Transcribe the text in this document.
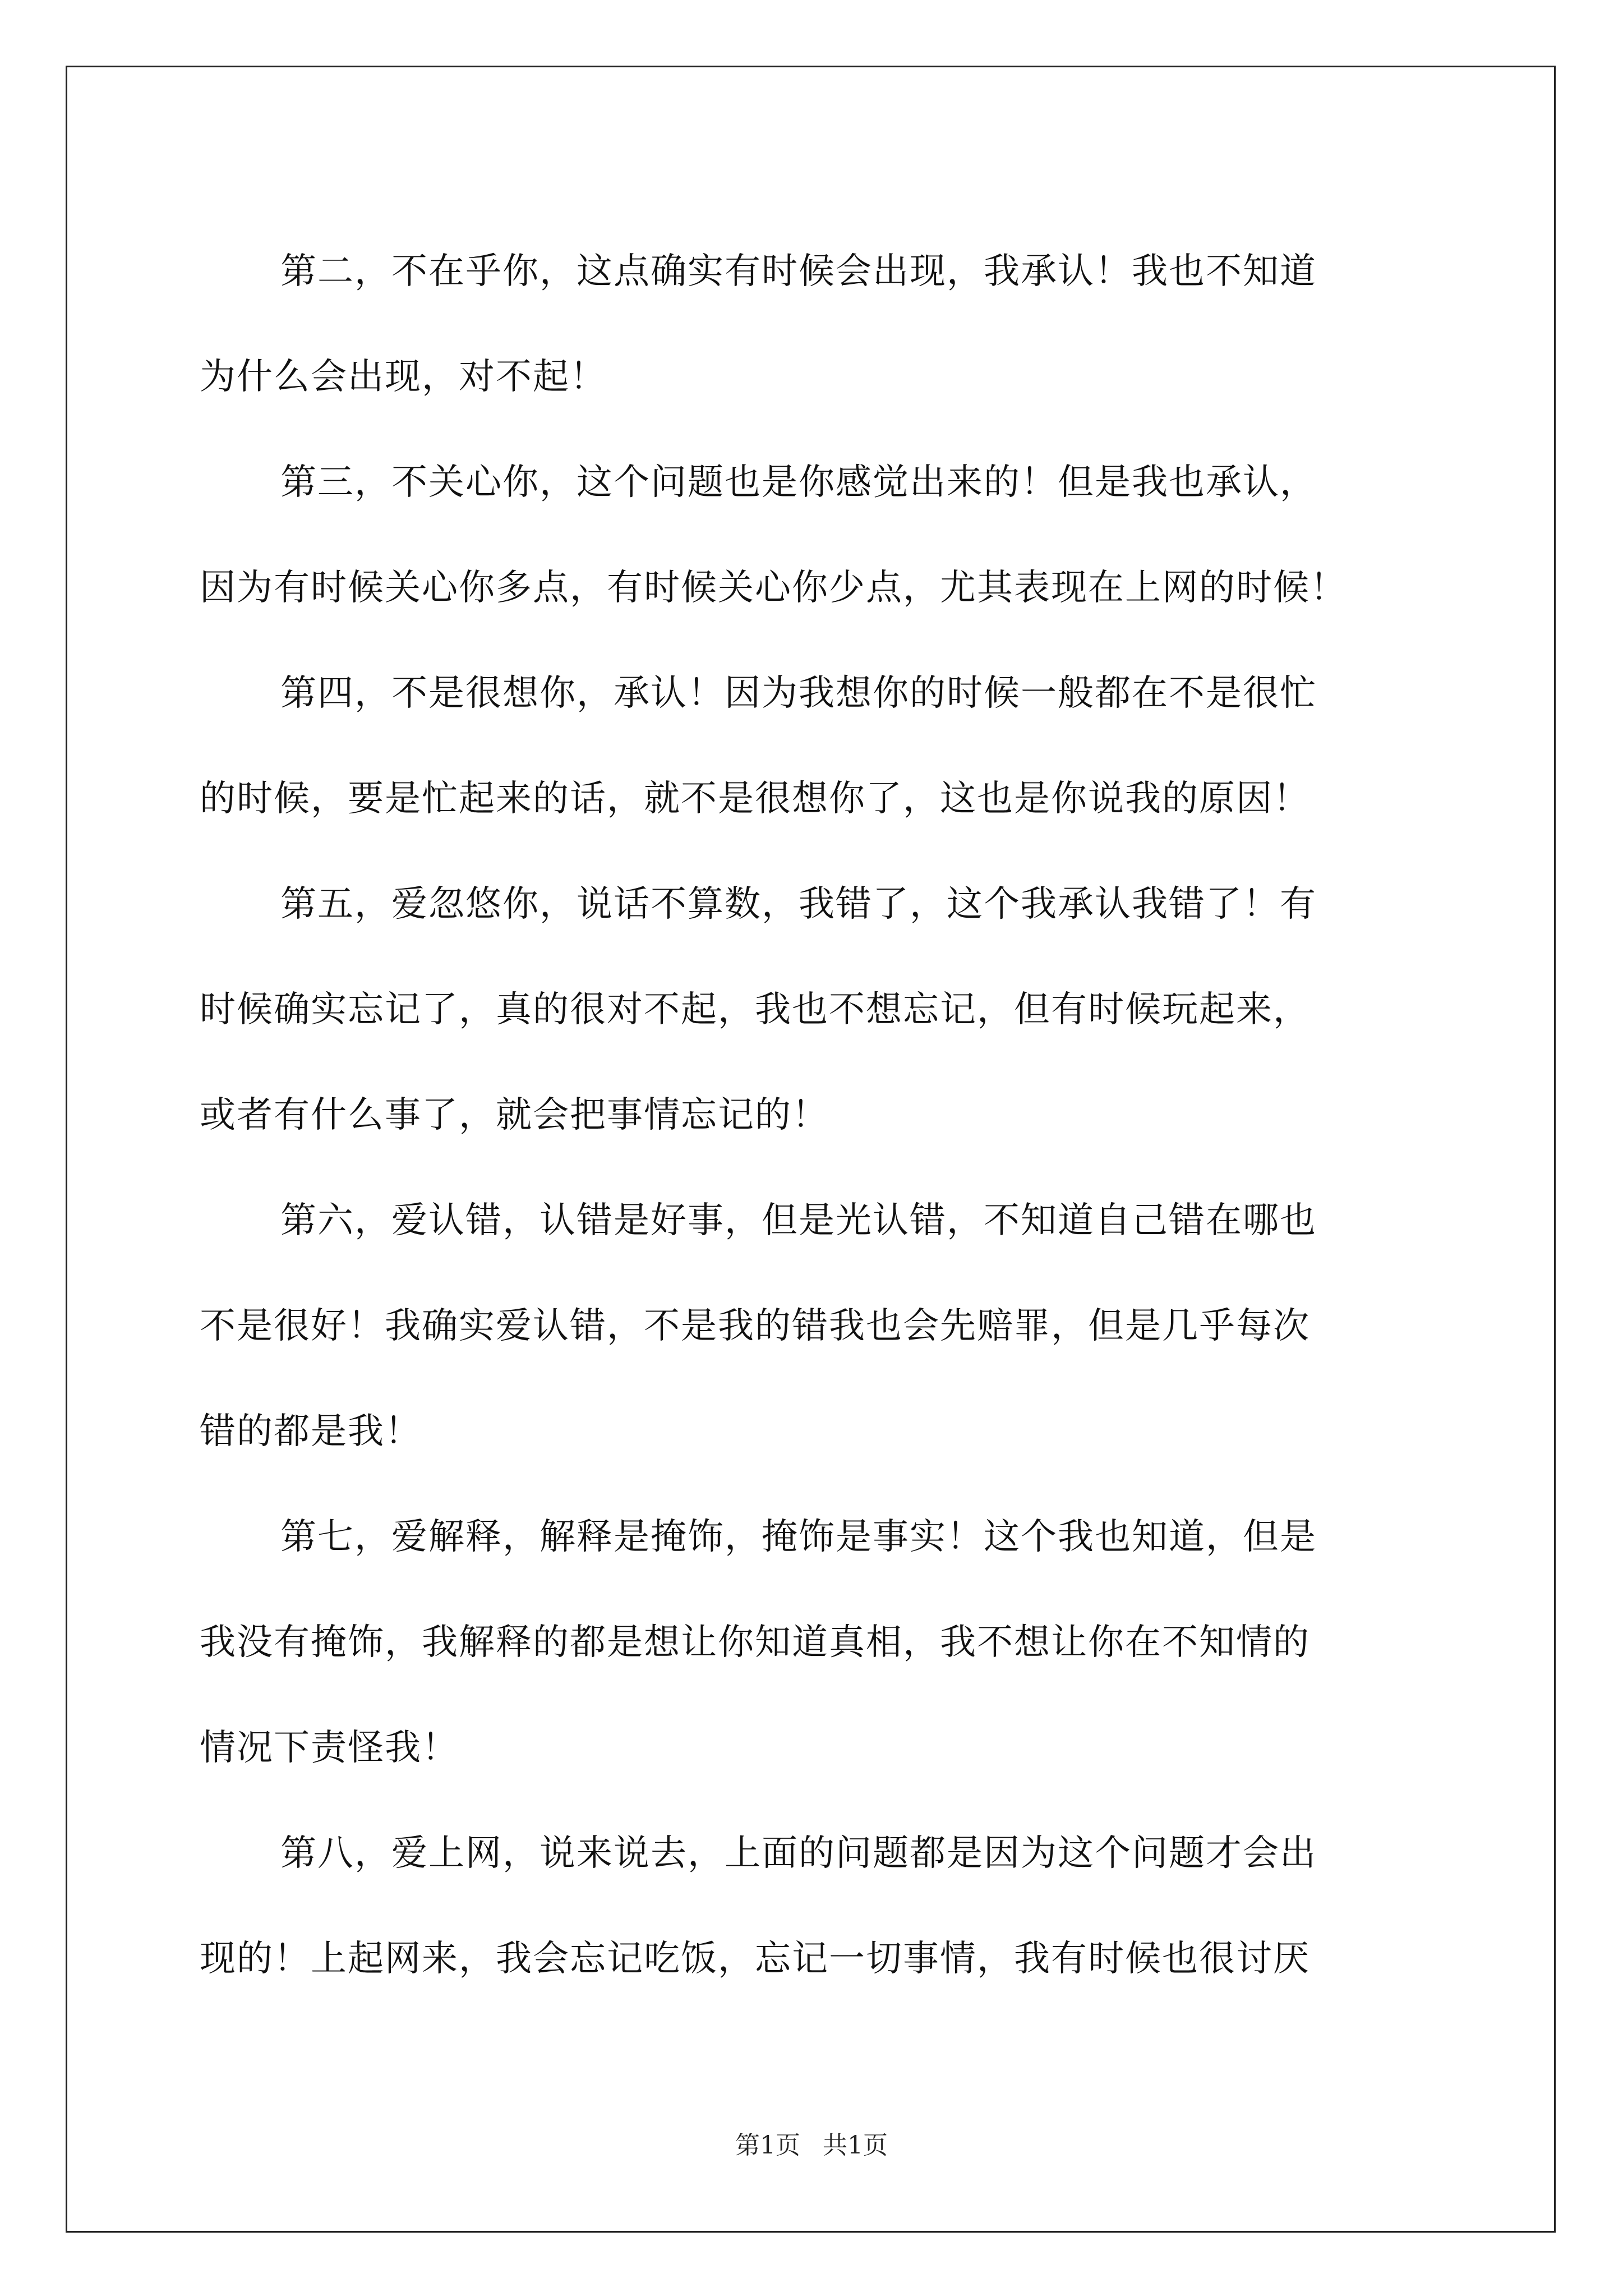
第二，不在乎你，这点确实有时候会出现，我承认！我也不知道
为什么会出现，对不起！
第三，不关心你，这个问题也是你感觉出来的！但是我也承认，
因为有时候关心你多点，有时候关心你少点，尤其表现在上网的时候！
第四，不是很想你，承认！因为我想你的时候一般都在不是很忙
的时候，要是忙起来的话，就不是很想你了，这也是你说我的原因！
第五，爱忽悠你，说话不算数，我错了，这个我承认我错了！有
时候确实忘记了，真的很对不起，我也不想忘记，但有时候玩起来，
或者有什么事了，就会把事情忘记的！
第六，爱认错，认错是好事，但是光认错，不知道自己错在哪也
不是很好！我确实爱认错，不是我的错我也会先赔罪，但是几乎每次
错的都是我！
第七，爱解释，解释是掩饰，掩饰是事实！这个我也知道，但是
我没有掩饰，我解释的都是想让你知道真相，我不想让你在不知情的
情况下责怪我！
第八，爱上网，说来说去，上面的问题都是因为这个问题才会出
现的！上起网来，我会忘记吃饭，忘记一切事情，我有时候也很讨厌
第1页 共1页
